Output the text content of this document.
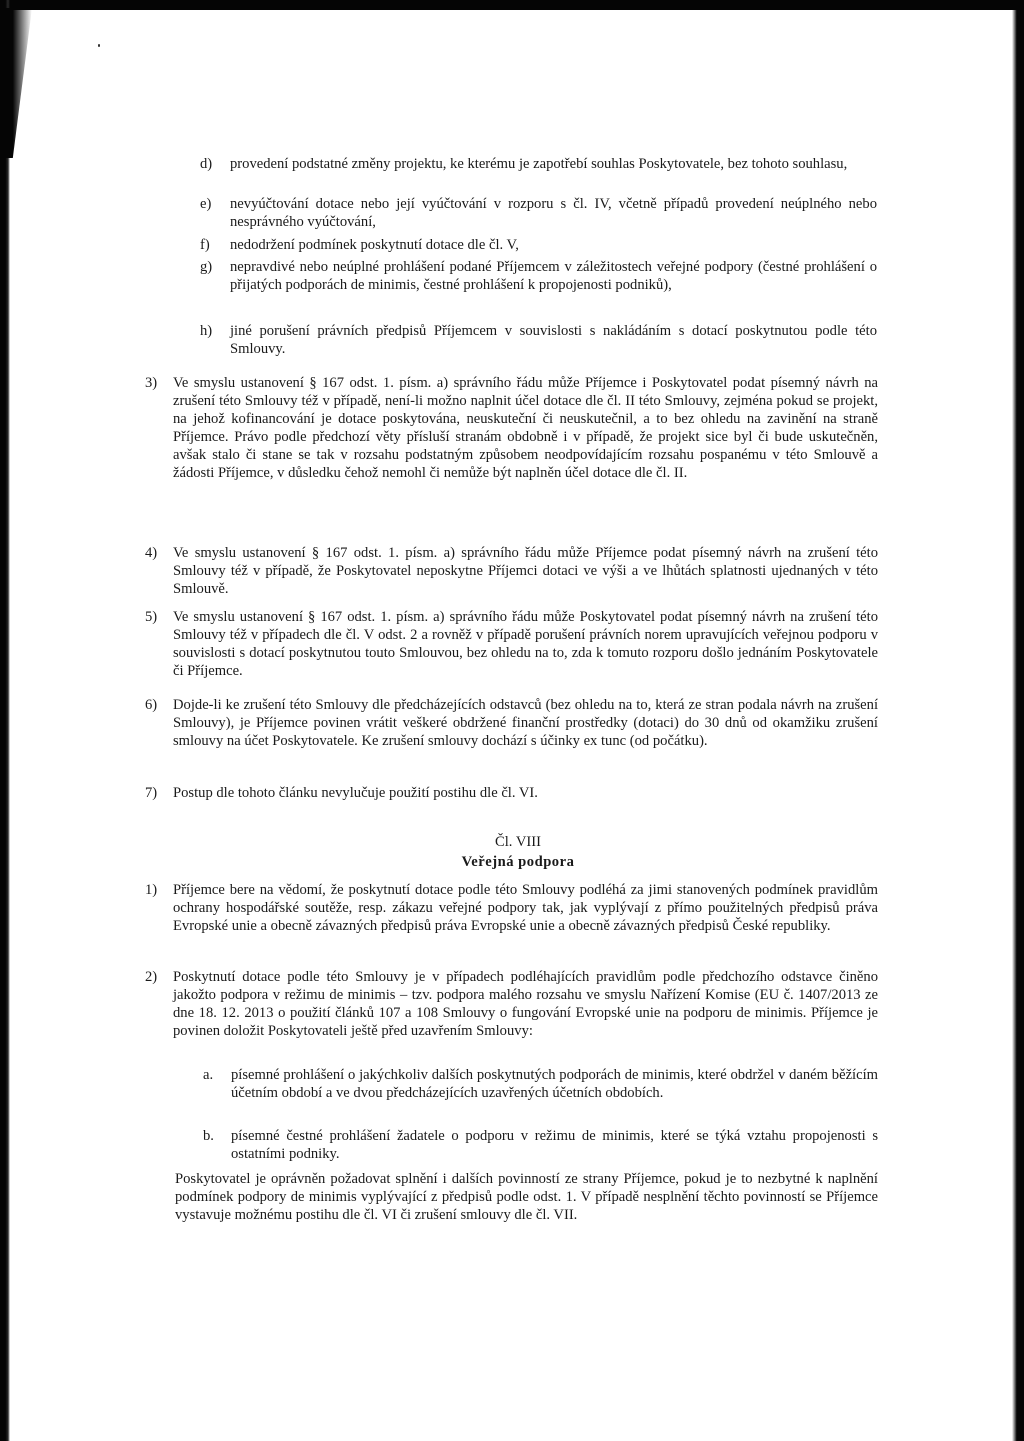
d) provedení podstatné změny projektu, ke kterému je zapotřebí souhlas Poskytovatele, bez tohoto souhlasu,
e) nevyúčtování dotace nebo její vyúčtování v rozporu s čl. IV, včetně případů provedení neúplného nebo nesprávného vyúčtování,
f) nedodržení podmínek poskytnutí dotace dle čl. V,
g) nepravdivé nebo neúplné prohlášení podané Příjemcem v záležitostech veřejné podpory (čestné prohlášení o přijatých podporách de minimis, čestné prohlášení k propojenosti podniků),
h) jiné porušení právních předpisů Příjemcem v souvislosti s nakládáním s dotací poskytnutou podle této Smlouvy.
3) Ve smyslu ustanovení § 167 odst. 1. písm. a) správního řádu může Příjemce i Poskytovatel podat písemný návrh na zrušení této Smlouvy též v případě, není-li možno naplnit účel dotace dle čl. II této Smlouvy, zejména pokud se projekt, na jehož kofinancování je dotace poskytována, neuskuteční či neuskutečnil, a to bez ohledu na zavinění na straně Příjemce. Právo podle předchozí věty přísluší stranám obdobně i v případě, že projekt sice byl či bude uskutečněn, avšak stalo či stane se tak v rozsahu podstatným způsobem neodpovídajícím rozsahu pospanému v této Smlouvě a žádosti Příjemce, v důsledku čehož nemohl či nemůže být naplněn účel dotace dle čl. II.
4) Ve smyslu ustanovení § 167 odst. 1. písm. a) správního řádu může Příjemce podat písemný návrh na zrušení této Smlouvy též v případě, že Poskytovatel neposkytne Příjemci dotaci ve výši a ve lhůtách splatnosti ujednaných v této Smlouvě.
5) Ve smyslu ustanovení § 167 odst. 1. písm. a) správního řádu může Poskytovatel podat písemný návrh na zrušení této Smlouvy též v případech dle čl. V odst. 2 a rovněž v případě porušení právních norem upravujících veřejnou podporu v souvislosti s dotací poskytnutou touto Smlouvou, bez ohledu na to, zda k tomuto rozporu došlo jednáním Poskytovatele či Příjemce.
6) Dojde-li ke zrušení této Smlouvy dle předcházejících odstavců (bez ohledu na to, která ze stran podala návrh na zrušení Smlouvy), je Příjemce povinen vrátit veškeré obdržené finanční prostředky (dotaci) do 30 dnů od okamžiku zrušení smlouvy na účet Poskytovatele. Ke zrušení smlouvy dochází s účinky ex tunc (od počátku).
7) Postup dle tohoto článku nevylučuje použití postihu dle čl. VI.

Čl. VIII

Veřejná podpora

1) Příjemce bere na vědomí, že poskytnutí dotace podle této Smlouvy podléhá za jimi stanovených podmínek pravidlům ochrany hospodářské soutěže, resp. zákazu veřejné podpory tak, jak vyplývají z přímo použitelných předpisů práva Evropské unie a obecně závazných předpisů práva Evropské unie a obecně závazných předpisů České republiky.
2) Poskytnutí dotace podle této Smlouvy je v případech podléhajících pravidlům podle předchozího odstavce činěno jakožto podpora v režimu de minimis – tzv. podpora malého rozsahu ve smyslu Nařízení Komise (EU č. 1407/2013 ze dne 18. 12. 2013 o použití článků 107 a 108 Smlouvy o fungování Evropské unie na podporu de minimis. Příjemce je povinen doložit Poskytovateli ještě před uzavřením Smlouvy:
a. písemné prohlášení o jakýchkoliv dalších poskytnutých podporách de minimis, které obdržel v daném běžícím účetním období a ve dvou předcházejících uzavřených účetních obdobích.
b. písemné čestné prohlášení žadatele o podporu v režimu de minimis, které se týká vztahu propojenosti s ostatními podniky.
Poskytovatel je oprávněn požadovat splnění i dalších povinností ze strany Příjemce, pokud je to nezbytné k naplnění podmínek podpory de minimis vyplývající z předpisů podle odst. 1. V případě nesplnění těchto povinností se Příjemce vystavuje možnému postihu dle čl. VI či zrušení smlouvy dle čl. VII.
